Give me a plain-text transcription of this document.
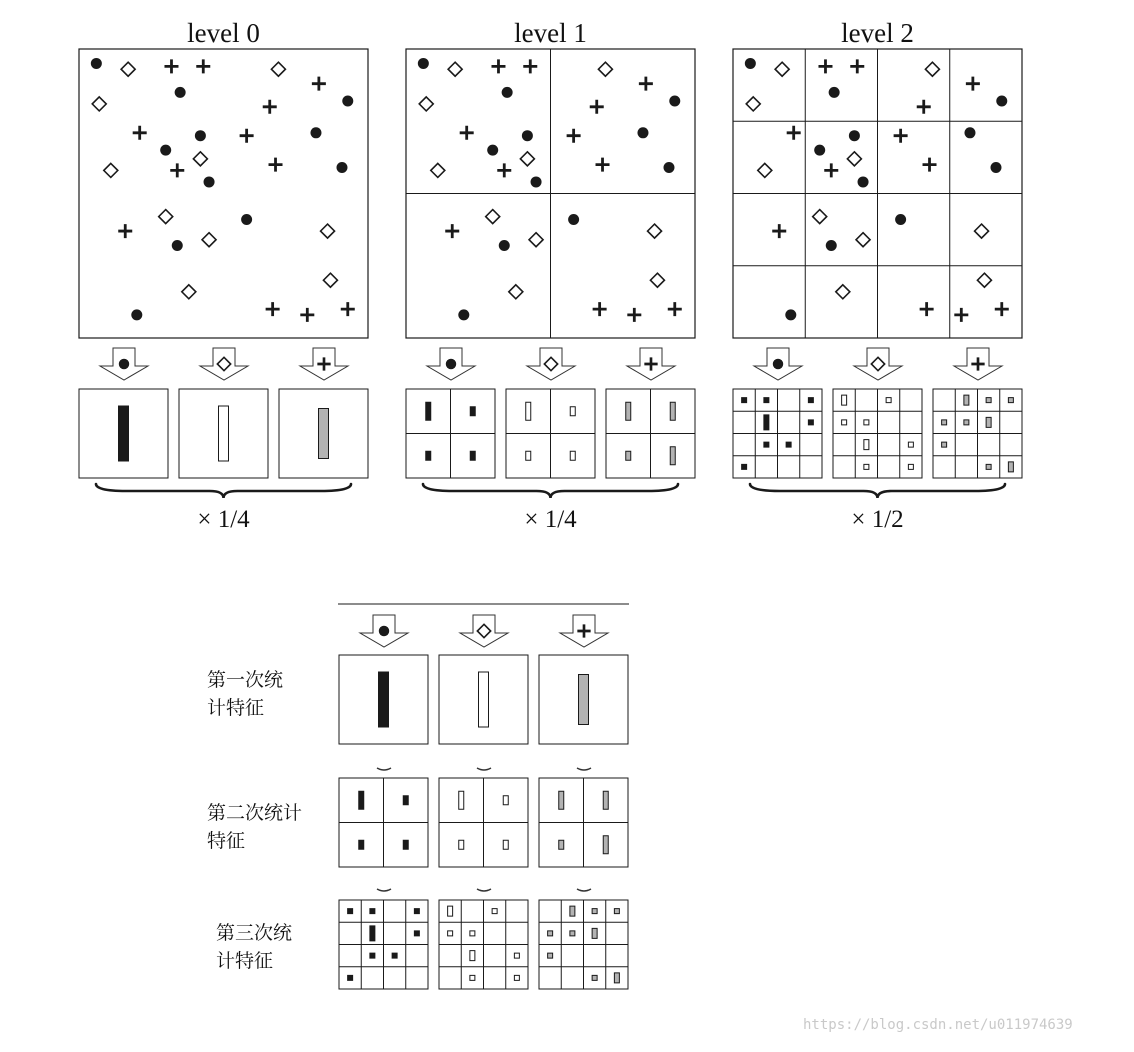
level 0
× 1/4
level 1
× 1/4
level 2
× 1/2
第一次统
计特征
第二次统计
特征
第三次统
计特征
https://blog.csdn.net/u011974639
